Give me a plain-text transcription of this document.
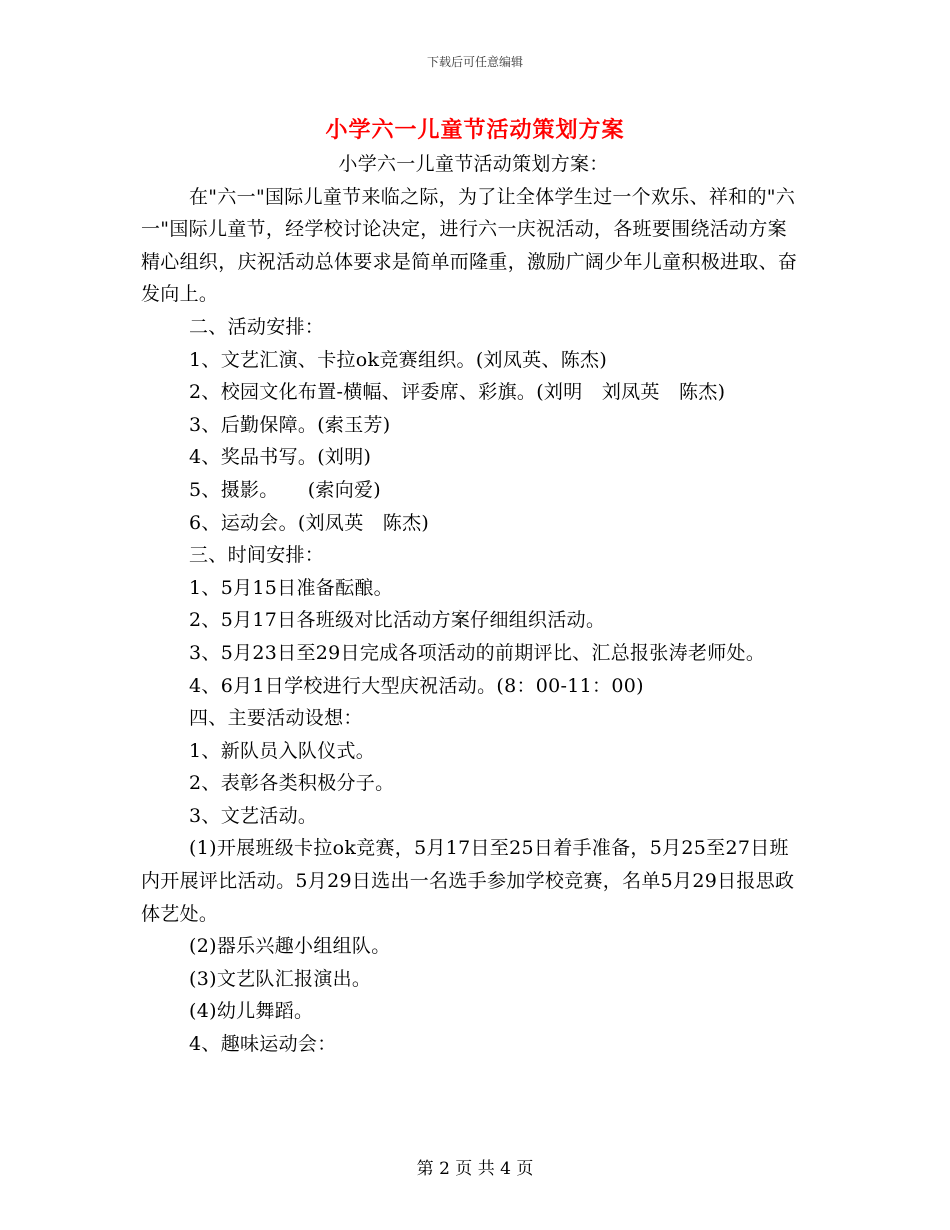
下载后可任意编辑
小学六一儿童节活动策划方案

小学六一儿童节活动策划方案：

在"六一"国际儿童节来临之际，为了让全体学生过一个欢乐、祥和的"六一"国际儿童节，经学校讨论决定，进行六一庆祝活动，各班要围绕活动方案精心组织，庆祝活动总体要求是简单而隆重，激励广阔少年儿童积极进取、奋发向上。

二、活动安排：

1、文艺汇演、卡拉ok竞赛组织。(刘凤英、陈杰)

2、校园文化布置-横幅、评委席、彩旗。(刘明　刘凤英　陈杰)

3、后勤保障。(索玉芳)

4、奖品书写。(刘明)

5、摄影。　　(索向爱)

6、运动会。(刘凤英　陈杰)

三、时间安排：

1、5月15日准备酝酿。

2、5月17日各班级对比活动方案仔细组织活动。

3、5月23日至29日完成各项活动的前期评比、汇总报张涛老师处。

4、6月1日学校进行大型庆祝活动。(8：00-11：00)

四、主要活动设想：

1、新队员入队仪式。

2、表彰各类积极分子。

3、文艺活动。

(1)开展班级卡拉ok竞赛，5月17日至25日着手准备，5月25至27日班内开展评比活动。5月29日选出一名选手参加学校竞赛，名单5月29日报思政体艺处。

(2)器乐兴趣小组组队。

(3)文艺队汇报演出。

(4)幼儿舞蹈。

4、趣味运动会：

第 2 页 共 4 页
